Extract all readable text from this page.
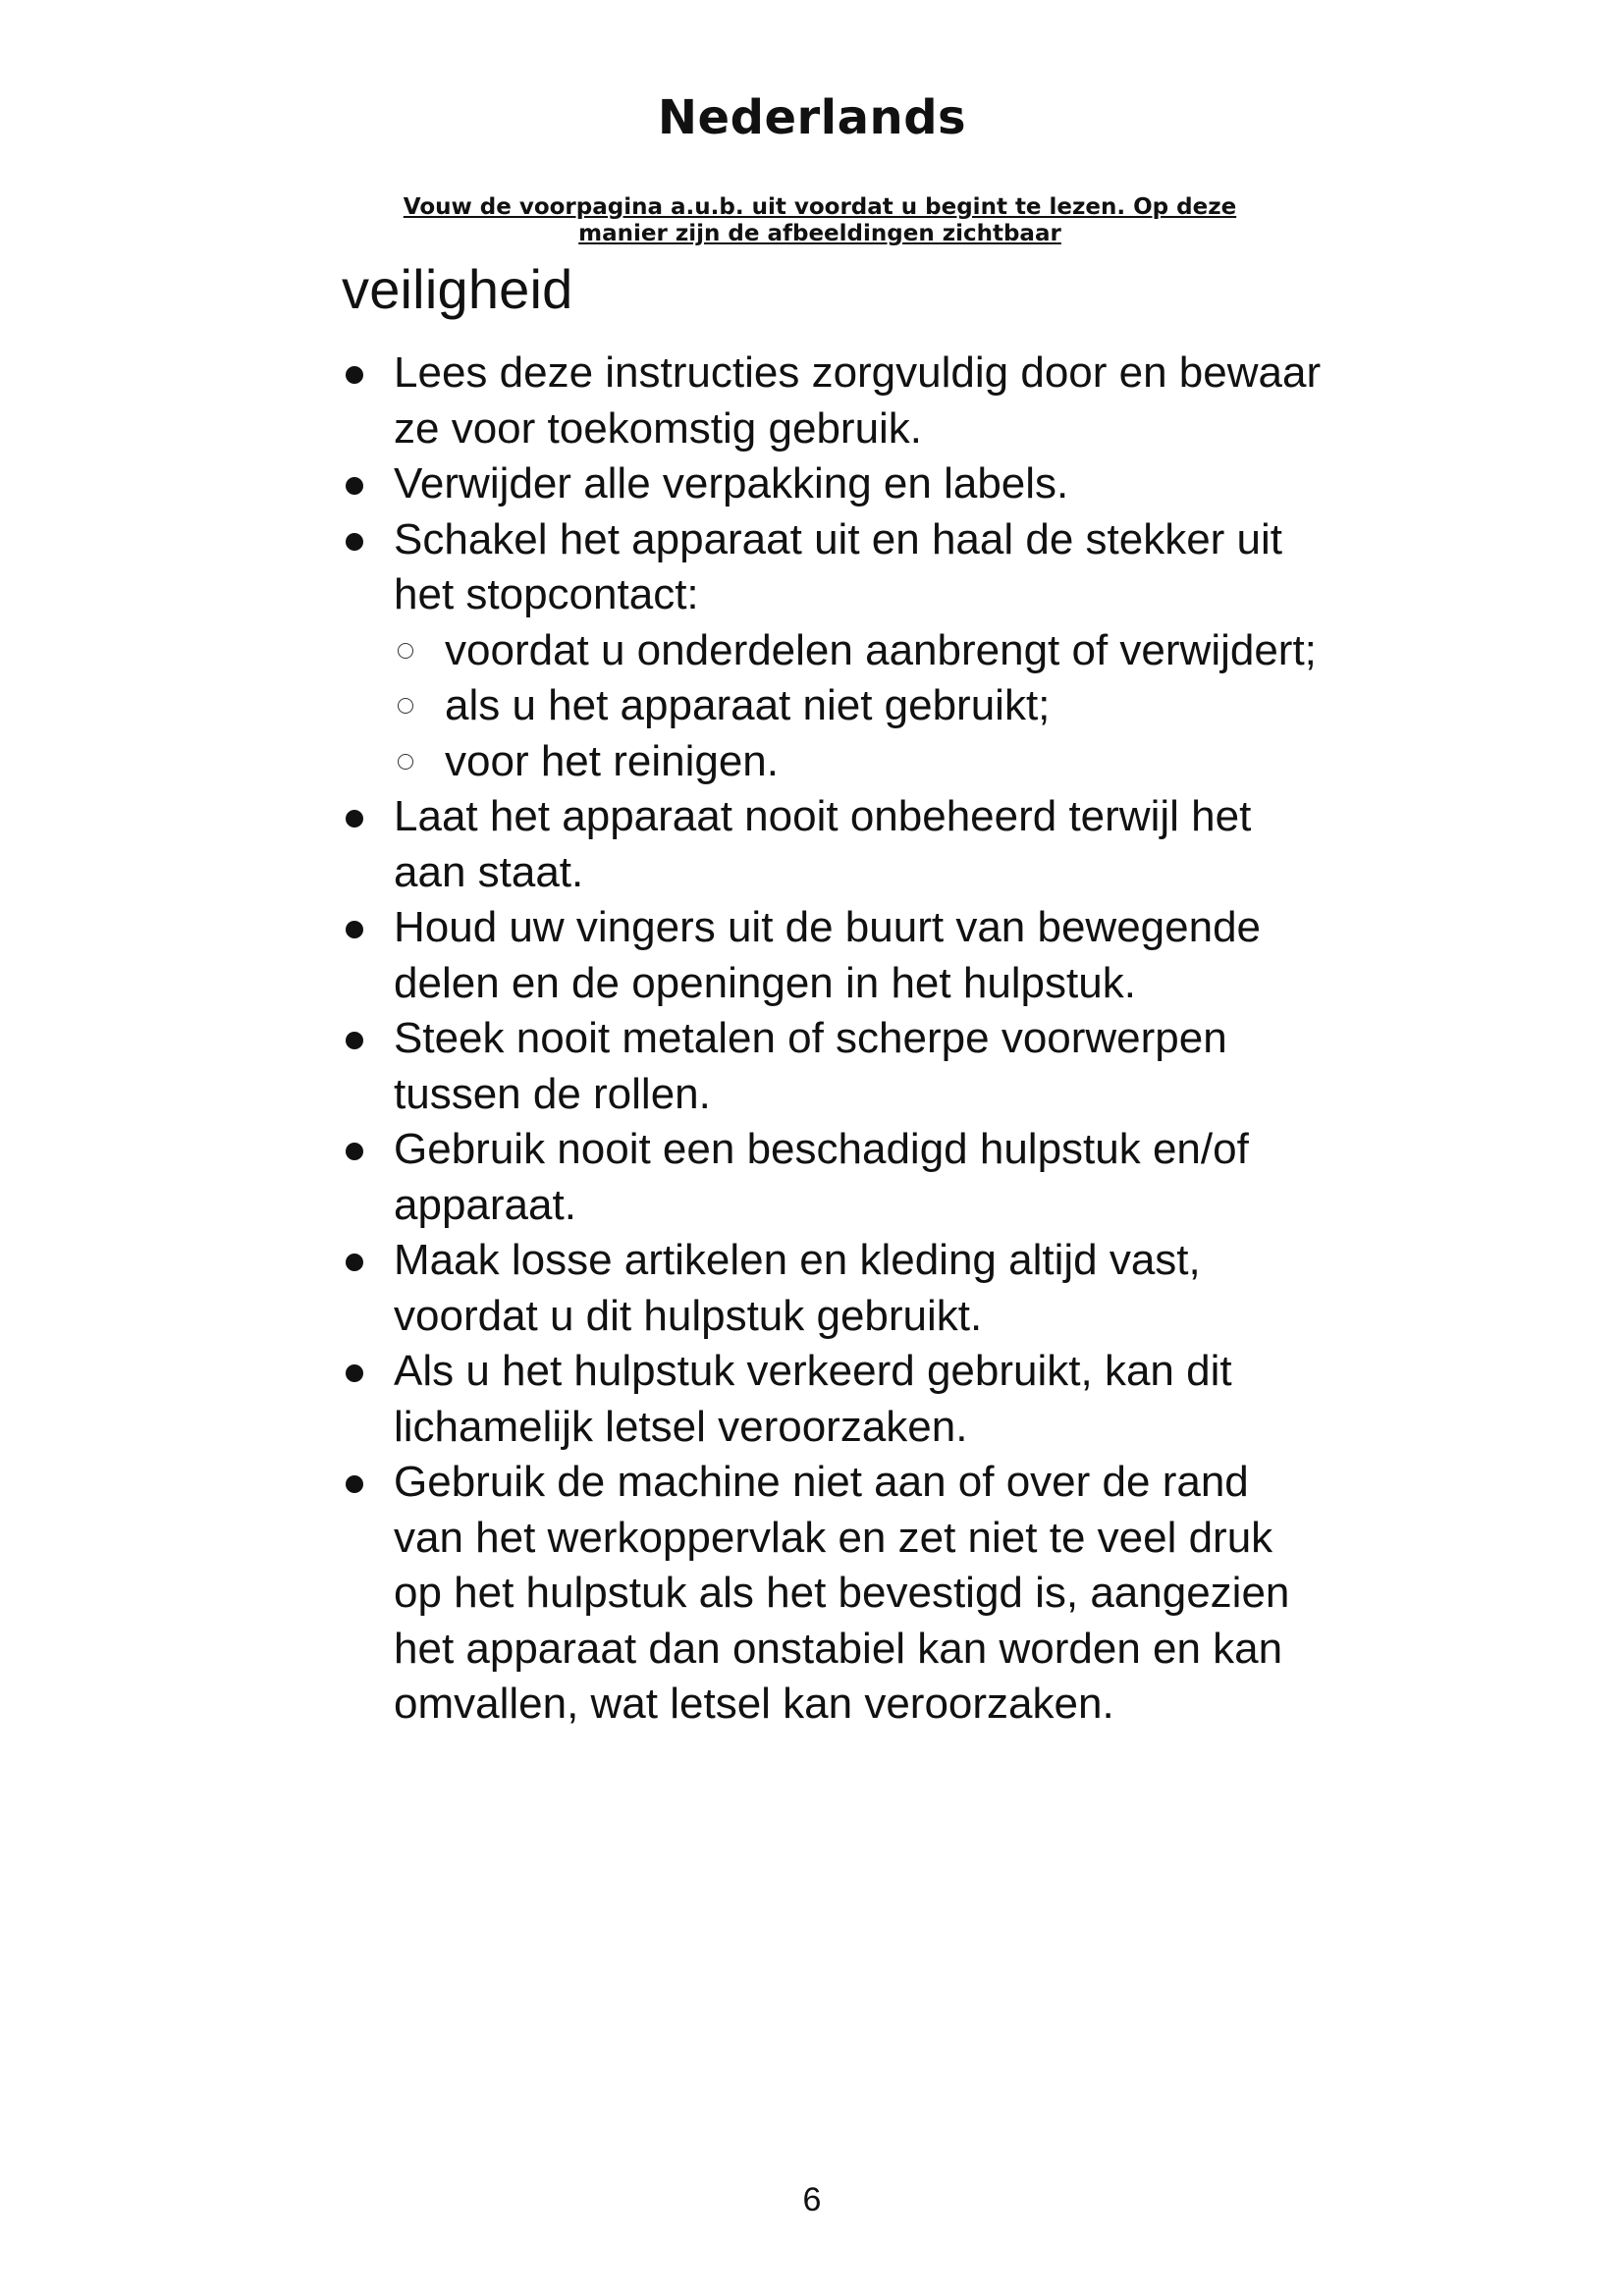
Nederlands

Vouw de voorpagina a.u.b. uit voordat u begint te lezen. Op deze manier zijn de afbeeldingen zichtbaar

veiligheid
Lees deze instructies zorgvuldig door en bewaar ze voor toekomstig gebruik.
Verwijder alle verpakking en labels.
Schakel het apparaat uit en haal de stekker uit het stopcontact:
voordat u onderdelen aanbrengt of verwijdert;
als u het apparaat niet gebruikt;
voor het reinigen.
Laat het apparaat nooit onbeheerd terwijl het aan staat.
Houd uw vingers uit de buurt van bewegende delen en de openingen in het hulpstuk.
Steek nooit metalen of scherpe voorwerpen tussen de rollen.
Gebruik nooit een beschadigd hulpstuk en/of apparaat.
Maak losse artikelen en kleding altijd vast, voordat u dit hulpstuk gebruikt.
Als u het hulpstuk verkeerd gebruikt, kan dit lichamelijk letsel veroorzaken.
Gebruik de machine niet aan of over de rand van het werkoppervlak en zet niet te veel druk op het hulpstuk als het bevestigd is, aangezien het apparaat dan onstabiel kan worden en kan omvallen, wat letsel kan veroorzaken.

6
